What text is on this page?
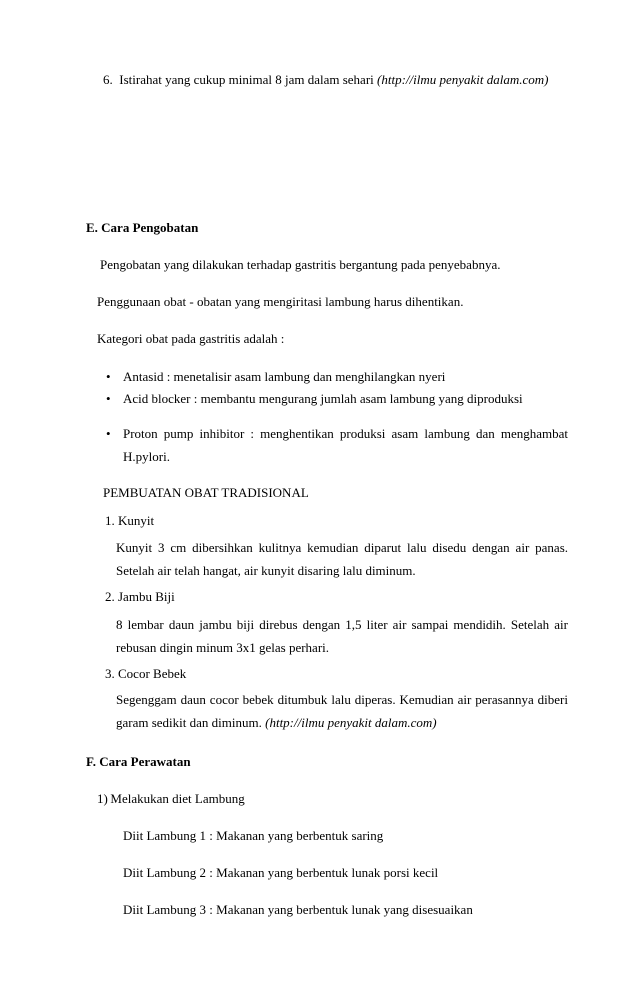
6. Istirahat yang cukup minimal 8 jam dalam sehari (http://ilmu penyakit dalam.com)
E. Cara Pengobatan
Pengobatan yang dilakukan terhadap gastritis bergantung pada penyebabnya.
Penggunaan obat - obatan yang mengiritasi lambung harus dihentikan.
Kategori obat pada gastritis adalah :
• Antasid : menetalisir asam lambung dan menghilangkan nyeri
• Acid blocker : membantu mengurang jumlah asam lambung yang diproduksi
• Proton pump inhibitor : menghentikan produksi asam lambung dan menghambat H.pylori.
PEMBUATAN OBAT TRADISIONAL
1. Kunyit
Kunyit 3 cm dibersihkan kulitnya kemudian diparut lalu disedu dengan air panas. Setelah air telah hangat, air kunyit disaring lalu diminum.
2. Jambu Biji
8 lembar daun jambu biji direbus dengan 1,5 liter air sampai mendidih. Setelah air rebusan dingin minum 3x1 gelas perhari.
3. Cocor Bebek
Segenggam daun cocor bebek ditumbuk lalu diperas. Kemudian air perasannya diberi garam sedikit dan diminum. (http://ilmu penyakit dalam.com)
F. Cara Perawatan
1) Melakukan diet Lambung
Diit Lambung 1 : Makanan yang berbentuk saring
Diit Lambung 2 : Makanan yang berbentuk lunak porsi kecil
Diit Lambung 3 : Makanan yang berbentuk lunak yang disesuaikan
